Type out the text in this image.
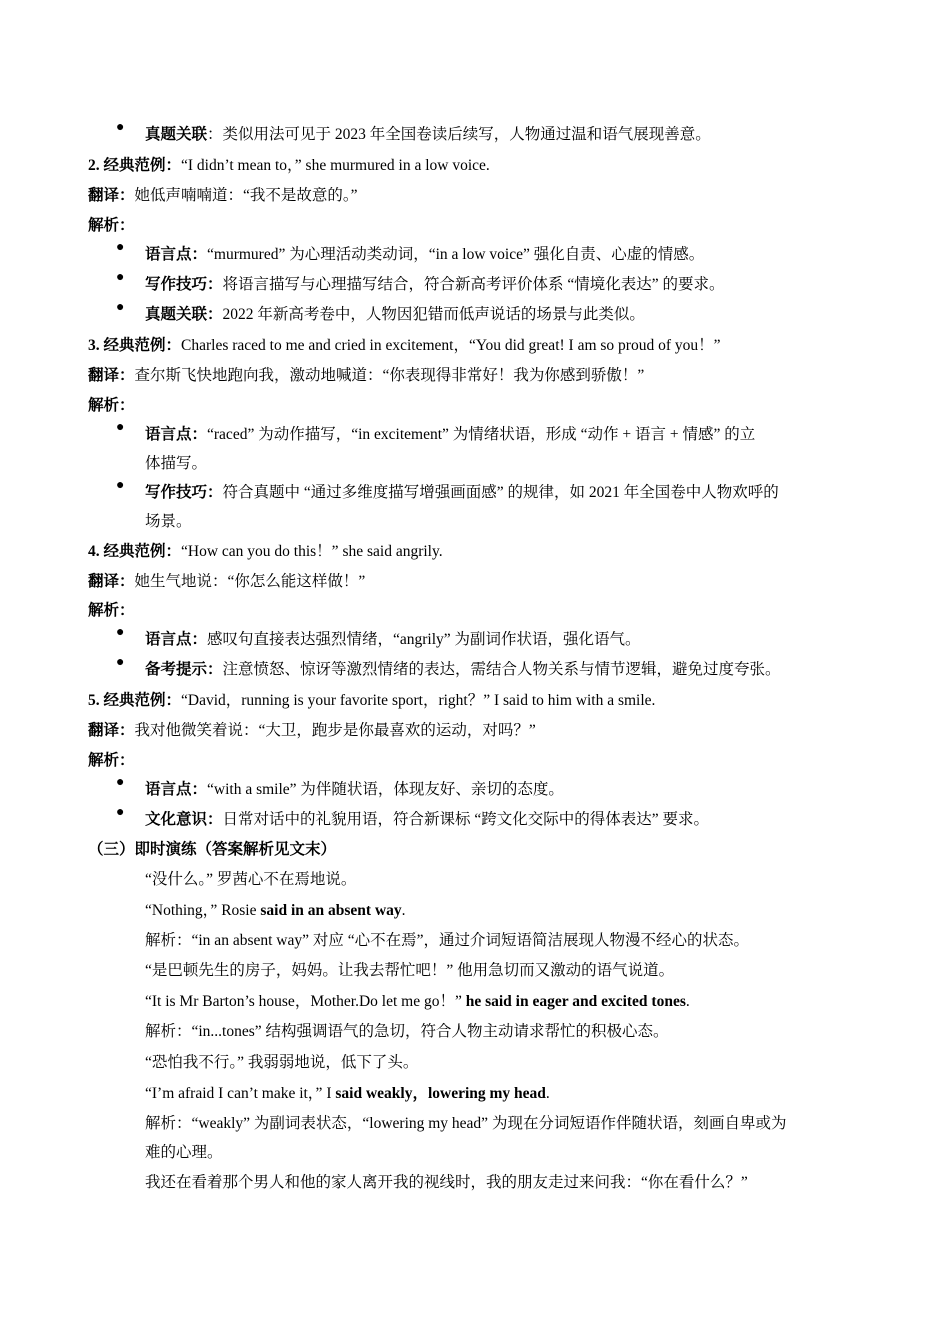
● 真题关联：类似用法可见于 2023 年全国卷读后续写，人物通过温和语气展现善意。
2. 经典范例：“I didn’t mean to，” she murmured in a low voice.
翻译：她低声喃喃道：“我不是故意的。”
解析：
● 语言点：“murmured” 为心理活动类动词，“in a low voice” 强化自责、心虚的情感。
● 写作技巧：将语言描写与心理描写结合，符合新高考评价体系 “情境化表达” 的要求。
● 真题关联：2022 年新高考卷中，人物因犯错而低声说话的场景与此类似。
3. 经典范例：Charles raced to me and cried in excitement，“You did great! I am so proud of you！”
翻译：查尔斯飞快地跑向我，激动地喊道：“你表现得非常好！我为你感到骄傲！”
解析：
● 语言点：“raced” 为动作描写，“in excitement” 为情绪状语，形成 “动作 + 语言 + 情感” 的立
体描写。
● 写作技巧：符合真题中 “通过多维度描写增强画面感” 的规律，如 2021 年全国卷中人物欢呼的
场景。
4. 经典范例：“How can you do this！” she said angrily.
翻译：她生气地说：“你怎么能这样做！”
解析：
● 语言点：感叹句直接表达强烈情绪，“angrily” 为副词作状语，强化语气。
● 备考提示：注意愤怒、惊讶等激烈情绪的表达，需结合人物关系与情节逻辑，避免过度夸张。
5. 经典范例：“David，running is your favorite sport，right？” I said to him with a smile.
翻译：我对他微笑着说：“大卫，跑步是你最喜欢的运动，对吗？”
解析：
● 语言点：“with a smile” 为伴随状语，体现友好、亲切的态度。
● 文化意识：日常对话中的礼貌用语，符合新课标 “跨文化交际中的得体表达” 要求。
（三）即时演练（答案解析见文末）
“没什么。” 罗茜心不在焉地说。
“Nothing，” Rosie said in an absent way.
解析：“in an absent way” 对应 “心不在焉”，通过介词短语简洁展现人物漫不经心的状态。
“是巴顿先生的房子，妈妈。让我去帮忙吧！” 他用急切而又激动的语气说道。
“It is Mr Barton’s house，Mother.Do let me go！” he said in eager and excited tones.
解析：“in...tones” 结构强调语气的急切，符合人物主动请求帮忙的积极心态。
“恐怕我不行。” 我弱弱地说，低下了头。
“I’m afraid I can’t make it，” I said weakly，lowering my head.
解析：“weakly” 为副词表状态，“lowering my head” 为现在分词短语作伴随状语，刻画自卑或为
难的心理。
我还在看着那个男人和他的家人离开我的视线时，我的朋友走过来问我：“你在看什么？”
